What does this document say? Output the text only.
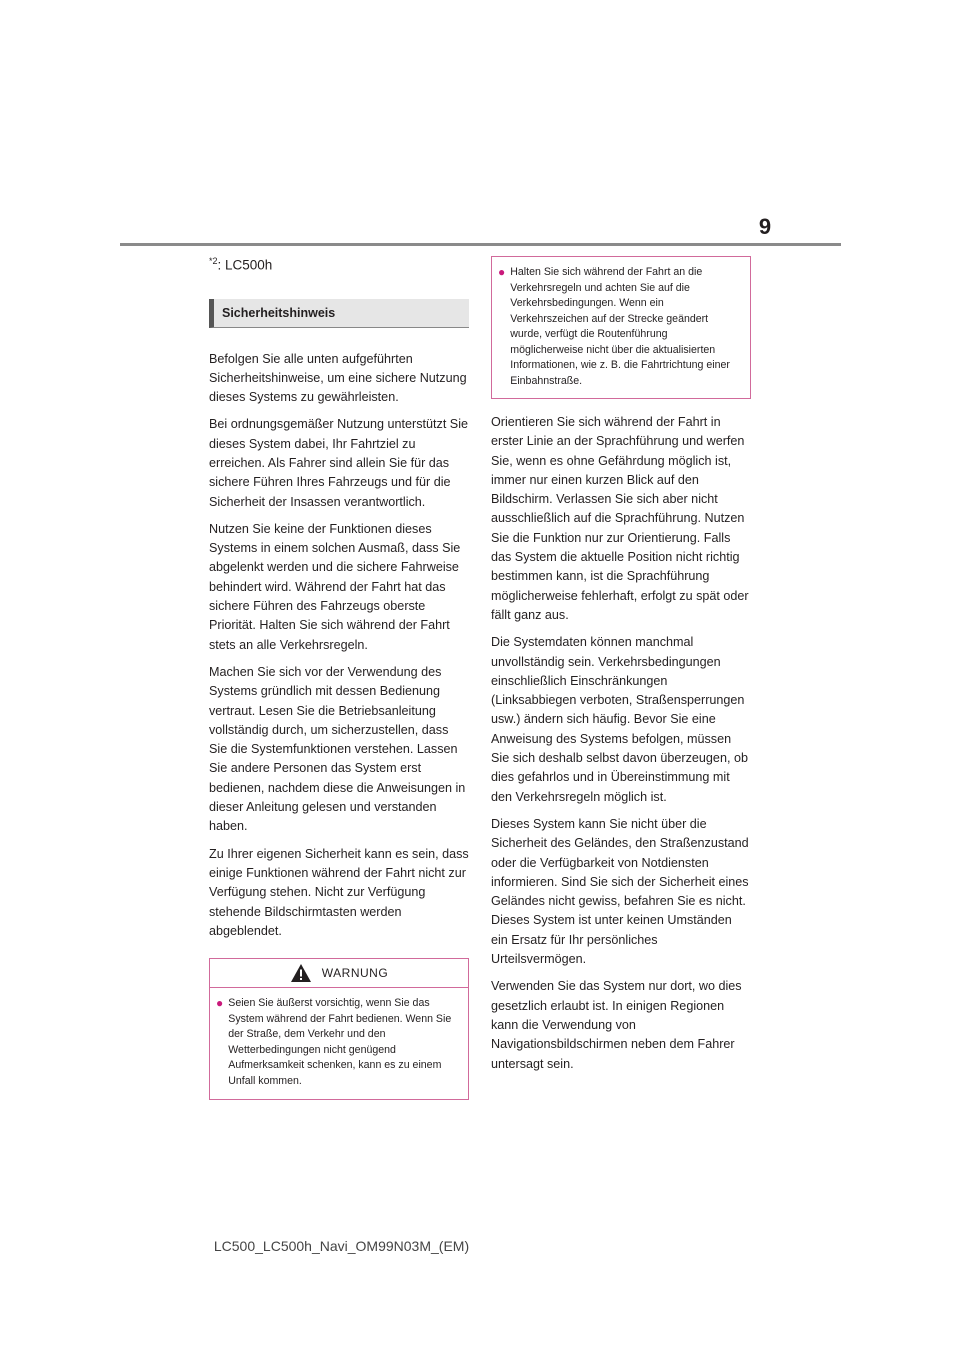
9
$^{*2}$: LC500h
Sicherheitshinweis

Befolgen Sie alle unten aufgeführten Sicherheitshinweise, um eine sichere Nutzung dieses Systems zu gewährleisten.

Bei ordnungsgemäßer Nutzung unterstützt Sie dieses System dabei, Ihr Fahrtziel zu erreichen. Als Fahrer sind allein Sie für das sichere Führen Ihres Fahrzeugs und für die Sicherheit der Insassen verantwortlich.

Nutzen Sie keine der Funktionen dieses Systems in einem solchen Ausmaß, dass Sie abgelenkt werden und die sichere Fahrweise behindert wird. Während der Fahrt hat das sichere Führen des Fahrzeugs oberste Priorität. Halten Sie sich während der Fahrt stets an alle Verkehrsregeln.

Machen Sie sich vor der Verwendung des Systems gründlich mit dessen Bedienung vertraut. Lesen Sie die Betriebsanleitung vollständig durch, um sicherzustellen, dass Sie die Systemfunktionen verstehen. Lassen Sie andere Personen das System erst bedienen, nachdem diese die Anweisungen in dieser Anleitung gelesen und verstanden haben.

Zu Ihrer eigenen Sicherheit kann es sein, dass einige Funktionen während der Fahrt nicht zur Verfügung stehen. Nicht zur Verfügung stehende Bildschirmtasten werden abgeblendet.

WARNUNG
● Seien Sie äußerst vorsichtig, wenn Sie das System während der Fahrt bedienen. Wenn Sie der Straße, dem Verkehr und den Wetterbedingungen nicht genügend Aufmerksamkeit schenken, kann es zu einem Unfall kommen.
● Halten Sie sich während der Fahrt an die Verkehrsregeln und achten Sie auf die Verkehrsbedingungen. Wenn ein Verkehrszeichen auf der Strecke geändert wurde, verfügt die Routenführung möglicherweise nicht über die aktualisierten Informationen, wie z. B. die Fahrtrichtung einer Einbahnstraße.

Orientieren Sie sich während der Fahrt in erster Linie an der Sprachführung und werfen Sie, wenn es ohne Gefährdung möglich ist, immer nur einen kurzen Blick auf den Bildschirm. Verlassen Sie sich aber nicht ausschließlich auf die Sprachführung. Nutzen Sie die Funktion nur zur Orientierung. Falls das System die aktuelle Position nicht richtig bestimmen kann, ist die Sprachführung möglicherweise fehlerhaft, erfolgt zu spät oder fällt ganz aus.

Die Systemdaten können manchmal unvollständig sein. Verkehrsbedingungen einschließlich Einschränkungen (Linksabbiegen verboten, Straßensperrungen usw.) ändern sich häufig. Bevor Sie eine Anweisung des Systems befolgen, müssen Sie sich deshalb selbst davon überzeugen, ob dies gefahrlos und in Übereinstimmung mit den Verkehrsregeln möglich ist.

Dieses System kann Sie nicht über die Sicherheit des Geländes, den Straßenzustand oder die Verfügbarkeit von Notdiensten informieren. Sind Sie sich der Sicherheit eines Geländes nicht gewiss, befahren Sie es nicht. Dieses System ist unter keinen Umständen ein Ersatz für Ihr persönliches Urteilsvermögen.

Verwenden Sie das System nur dort, wo dies gesetzlich erlaubt ist. In einigen Regionen kann die Verwendung von Navigationsbildschirmen neben dem Fahrer untersagt sein.

LC500_LC500h_Navi_OM99N03M_(EM)
